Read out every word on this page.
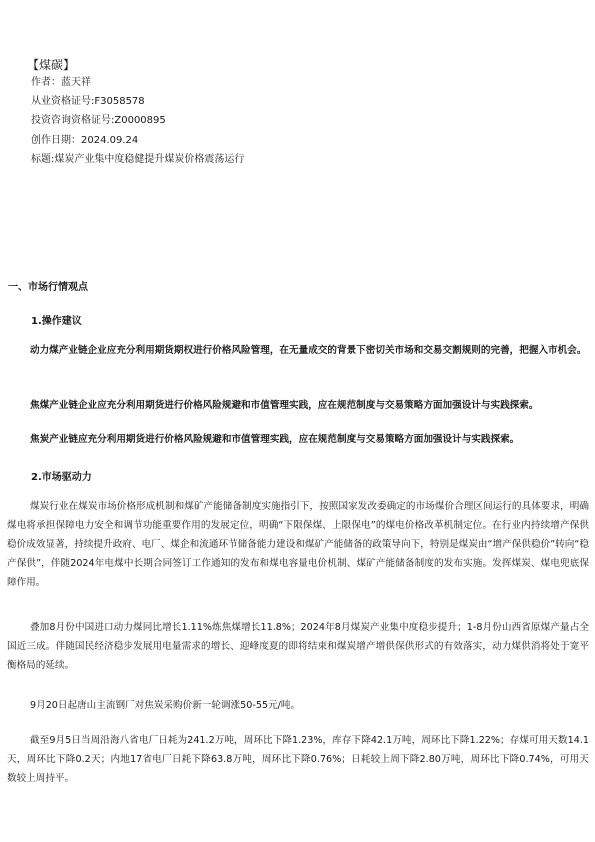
【煤碳】
作者：蓝天祥
从业资格证号:F3058578
投资咨询资格证号:Z0000895
创作日期：2024.09.24
标题:煤炭产业集中度稳健提升煤炭价格震荡运行
一、市场行情观点
1.操作建议

动力煤产业链企业应充分利用期货期权进行价格风险管理，在无量成交的背景下密切关市场和交易交割规则的完善，把握入市机会。

焦煤产业链企业应充分利用期货进行价格风险规避和市值管理实践，应在规范制度与交易策略方面加强设计与实践探索。

焦炭产业链应充分利用期货进行价格风险规避和市值管理实践，应在规范制度与交易策略方面加强设计与实践探索。

2.市场驱动力

煤炭行业在煤炭市场价格形成机制和煤矿产能储备制度实施指引下，按照国家发改委确定的市场煤价合理区间运行的具体要求，明确煤电将承担保障电力安全和调节功能重要作用的发展定位，明确“下限保煤、上限保电”的煤电价格改革机制定位。在行业内持续增产保供稳价成效显著，持续提升政府、电厂、煤企和流通环节储备能力建设和煤矿产能储备的政策导向下，特别是煤炭由“增产保供稳价”转向“稳产保供”，伴随2024年电煤中长期合同签订工作通知的发布和煤电容量电价机制、煤矿产能储备制度的发布实施。发挥煤炭、煤电兜底保障作用。

叠加8月份中国进口动力煤同比增长1.11%炼焦煤增长11.8%；2024年8月煤炭产业集中度稳步提升；1-8月份山西省原煤产量占全国近三成。伴随国民经济稳步发展用电量需求的增长、迎峰度夏的即将结束和煤炭增产增供保供形式的有效落实，动力煤供消将处于宽平衡格局的延续。

9月20日起唐山主流钢厂对焦炭采购价新一轮调涨50-55元/吨。

截至9月5日当周沿海八省电厂日耗为241.2万吨，周环比下降1.23%，库存下降42.1万吨，周环比下降1.22%；存煤可用天数14.1天，周环比下降0.2天；内地17省电厂日耗下降63.8万吨，周环比下降0.76%；日耗较上周下降2.80万吨，周环比下降0.74%，可用天数较上周持平。
